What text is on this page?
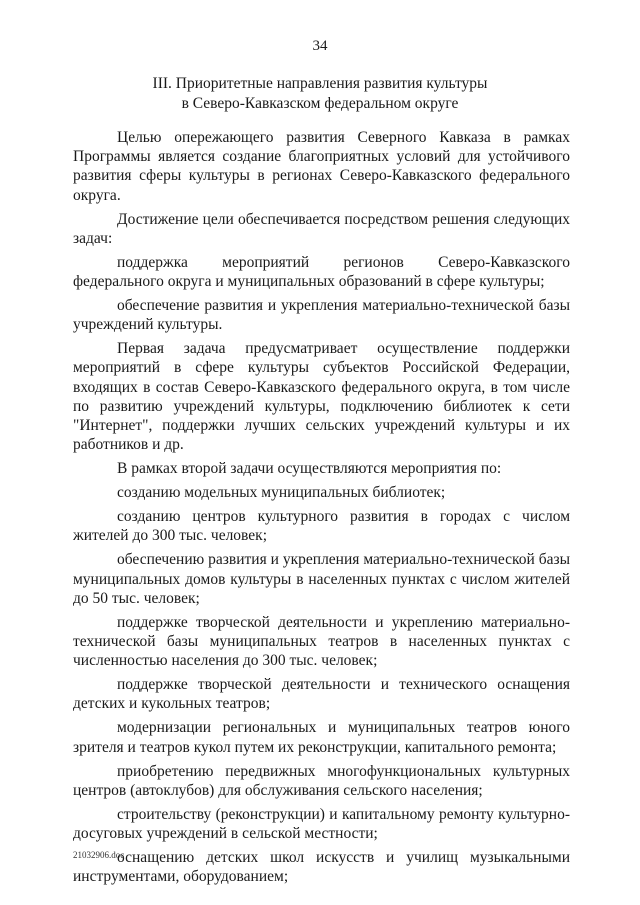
34
III. Приоритетные направления развития культуры
в Северо-Кавказском федеральном округе

Целью опережающего развития Северного Кавказа в рамках Программы является создание благоприятных условий для устойчивого развития сферы культуры в регионах Северо-Кавказского федерального округа.

Достижение цели обеспечивается посредством решения следующих задач:

поддержка мероприятий регионов Северо-Кавказского федерального округа и муниципальных образований в сфере культуры;

обеспечение развития и укрепления материально-технической базы учреждений культуры.

Первая задача предусматривает осуществление поддержки мероприятий в сфере культуры субъектов Российской Федерации, входящих в состав Северо-Кавказского федерального округа, в том числе по развитию учреждений культуры, подключению библиотек к сети "Интернет", поддержки лучших сельских учреждений культуры и их работников и др.

В рамках второй задачи осуществляются мероприятия по:

созданию модельных муниципальных библиотек;

созданию центров культурного развития в городах с числом жителей до 300 тыс. человек;

обеспечению развития и укрепления материально-технической базы муниципальных домов культуры в населенных пунктах с числом жителей до 50 тыс. человек;

поддержке творческой деятельности и укреплению материально-технической базы муниципальных театров в населенных пунктах с численностью населения до 300 тыс. человек;

поддержке творческой деятельности и технического оснащения детских и кукольных театров;

модернизации региональных и муниципальных театров юного зрителя и театров кукол путем их реконструкции, капитального ремонта;

приобретению передвижных многофункциональных культурных центров (автоклубов) для обслуживания сельского населения;

строительству (реконструкции) и капитальному ремонту культурно-досуговых учреждений в сельской местности;

оснащению детских школ искусств и училищ музыкальными инструментами, оборудованием;

21032906.doc
